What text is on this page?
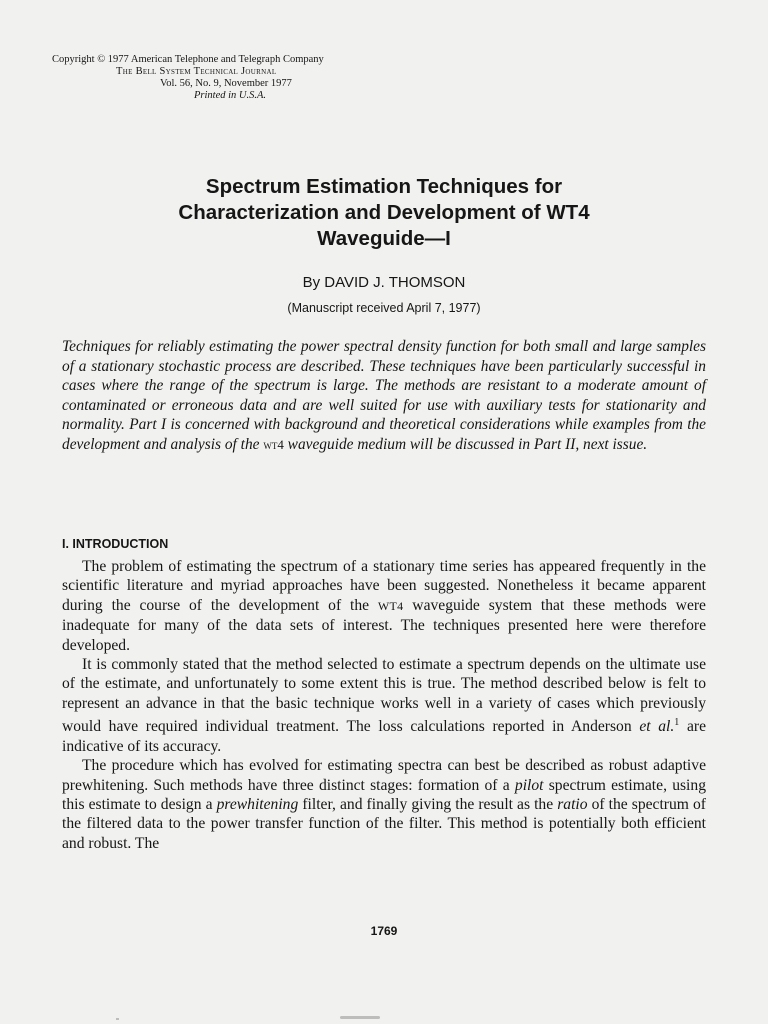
Copyright © 1977 American Telephone and Telegraph Company
The Bell System Technical Journal
Vol. 56, No. 9, November 1977
Printed in U.S.A.
Spectrum Estimation Techniques for
Characterization and Development of WT4
Waveguide—I
By DAVID J. THOMSON
(Manuscript received April 7, 1977)
Techniques for reliably estimating the power spectral density function for both small and large samples of a stationary stochastic process are described. These techniques have been particularly successful in cases where the range of the spectrum is large. The methods are resistant to a moderate amount of contaminated or erroneous data and are well suited for use with auxiliary tests for stationarity and normality. Part I is concerned with background and theoretical considerations while examples from the development and analysis of the wt4 waveguide medium will be discussed in Part II, next issue.
I. INTRODUCTION

The problem of estimating the spectrum of a stationary time series has appeared frequently in the scientific literature and myriad approaches have been suggested. Nonetheless it became apparent during the course of the development of the WT4 waveguide system that these methods were inadequate for many of the data sets of interest. The techniques presented here were therefore developed.

It is commonly stated that the method selected to estimate a spectrum depends on the ultimate use of the estimate, and unfortunately to some extent this is true. The method described below is felt to represent an advance in that the basic technique works well in a variety of cases which previously would have required individual treatment. The loss calculations reported in Anderson et al.$^1$ are indicative of its accuracy.

The procedure which has evolved for estimating spectra can best be described as robust adaptive prewhitening. Such methods have three distinct stages: formation of a pilot spectrum estimate, using this estimate to design a prewhitening filter, and finally giving the result as the ratio of the spectrum of the filtered data to the power transfer function of the filter. This method is potentially both efficient and robust. The

1769
